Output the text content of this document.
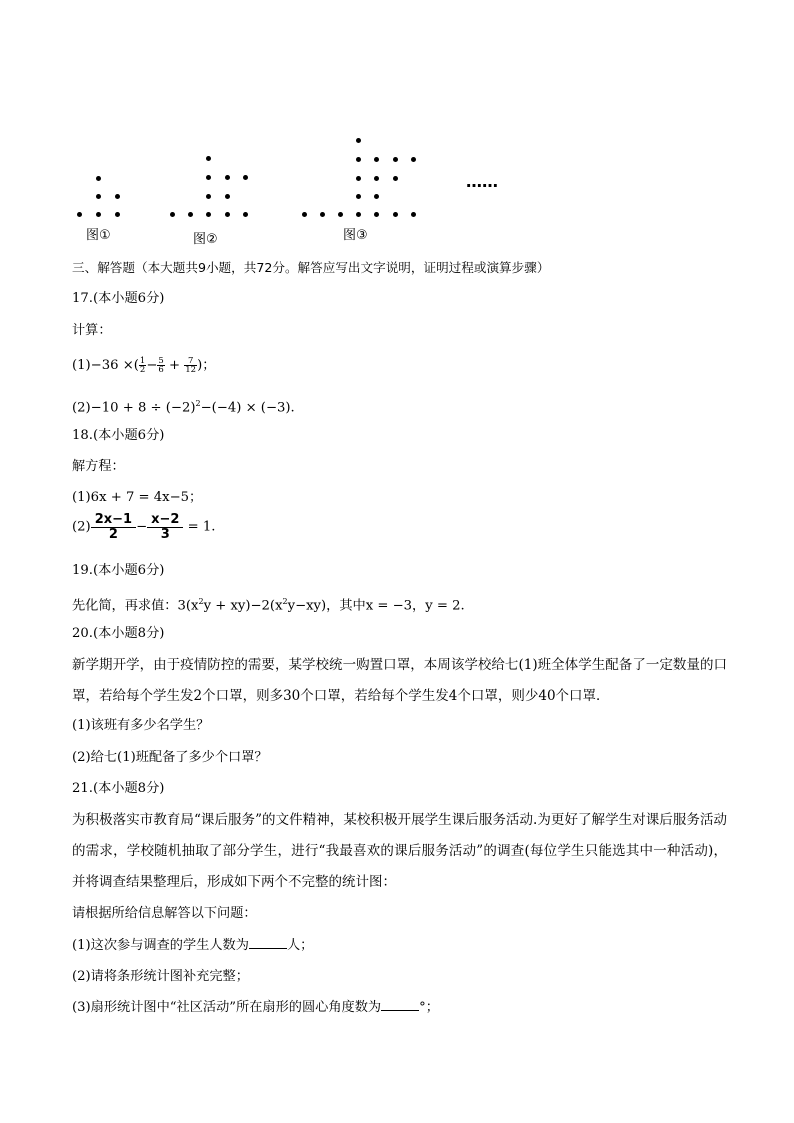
图①	图②	图③
……
三、解答题（本大题共9小题，共72分。解答应写出文字说明，证明过程或演算步骤）
17.(本小题6分)
计算：
(1)−36 ×( $\frac{1}{2} - \frac{5}{6} + \frac{7}{12}$ )；
$(2)-10 + 8 \div (-2)^2-(-4) \times (-3)$.
18.(本小题6分)
解方程：
(1)6x + 7 = 4x−5；
$(2) \frac{2x-1}{2} - \frac{x-2}{3} = 1$.
19.(本小题6分)
先化简，再求值：$3(x^2y + xy)-2(x^2y-xy)$，其中x = −3，y = 2.
20.(本小题8分)
新学期开学，由于疫情防控的需要，某学校统一购置口罩，本周该学校给七(1)班全体学生配备了一定数量的口罩，若给每个学生发2个口罩，则多30个口罩，若给每个学生发4个口罩，则少40个口罩．
(1)该班有多少名学生？
(2)给七(1)班配备了多少个口罩？
21.(本小题8分)
为积极落实市教育局“课后服务”的文件精神，某校积极开展学生课后服务活动.为更好了解学生对课后服务活动的需求，学校随机抽取了部分学生，进行“我最喜欢的课后服务活动”的调查(每位学生只能选其中一种活动)，并将调查结果整理后，形成如下两个不完整的统计图：
请根据所给信息解答以下问题：
(1)这次参与调查的学生人数为	人；
(2)请将条形统计图补充完整；
(3)扇形统计图中“社区活动”所在扇形的圆心角度数为	°；
